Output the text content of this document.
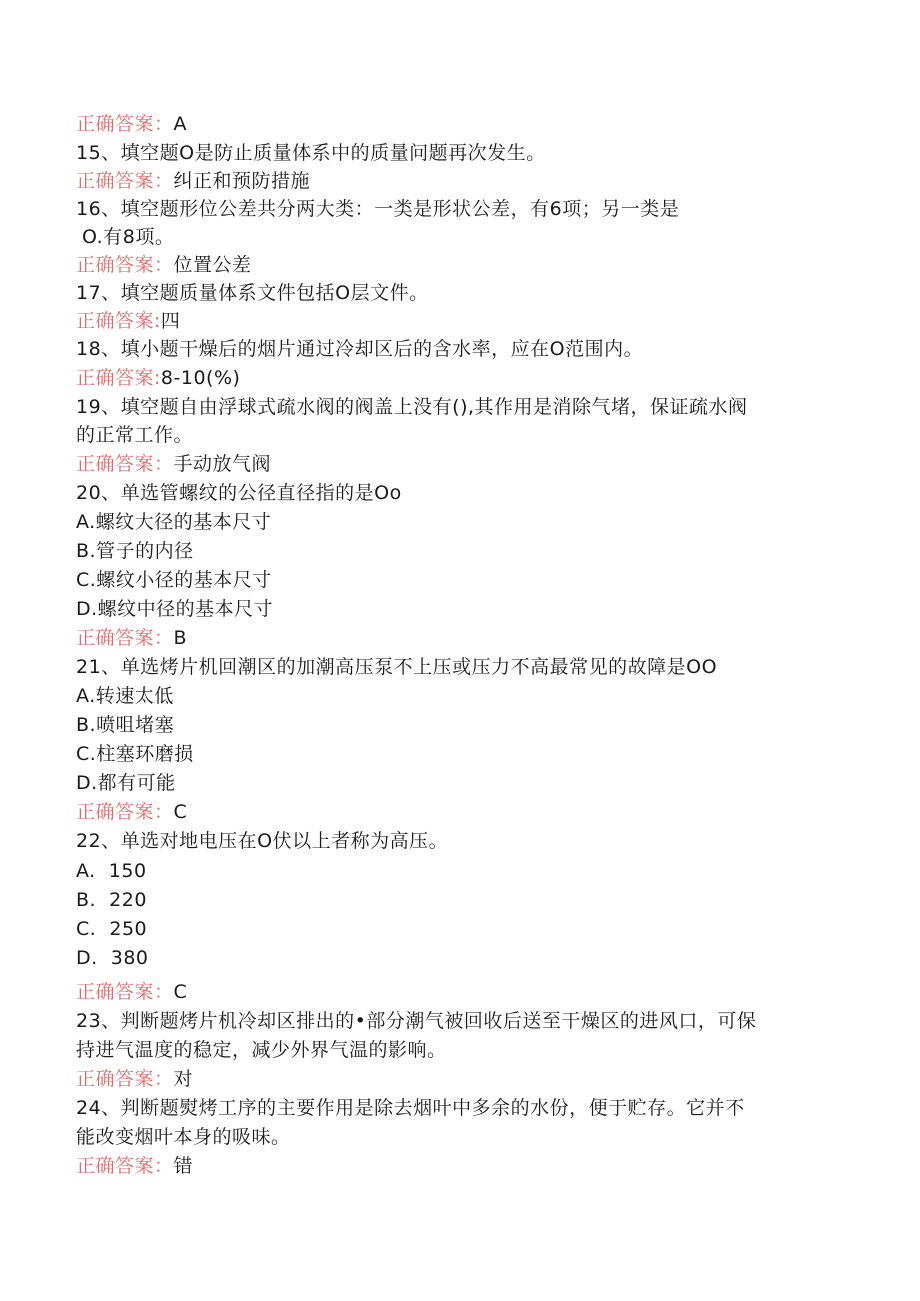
正确答案：A
15、填空题O是防止质量体系中的质量问题再次发生。
正确答案：纠正和预防措施
16、填空题形位公差共分两大类：一类是形状公差，有6项；另一类是
O.有8项。
正确答案：位置公差
17、填空题质量体系文件包括O层文件。
正确答案:四
18、填小题干燥后的烟片通过冷却区后的含水率，应在O范围内。
正确答案:8-10(%)
19、填空题自由浮球式疏水阀的阀盖上没有(),其作用是消除气堵，保证疏水阀
的正常工作。
正确答案：手动放气阀
20、单选管螺纹的公径直径指的是Oo
A.螺纹大径的基本尺寸
B.管子的内径
C.螺纹小径的基本尺寸
D.螺纹中径的基本尺寸
正确答案：B
21、单选烤片机回潮区的加潮高压泵不上压或压力不高最常见的故障是OO
A.转速太低
B.喷咀堵塞
C.柱塞环磨损
D.都有可能
正确答案：C
22、单选对地电压在O伏以上者称为高压。
A.  150
B.  220
C.  250
D.  380
正确答案：C
23、判断题烤片机冷却区排出的•部分潮气被回收后送至干燥区的进风口，可保
持进气温度的稳定，减少外界气温的影响。
正确答案：对
24、判断题熨烤工序的主要作用是除去烟叶中多余的水份，便于贮存。它并不
能改变烟叶本身的吸味。
正确答案：错
